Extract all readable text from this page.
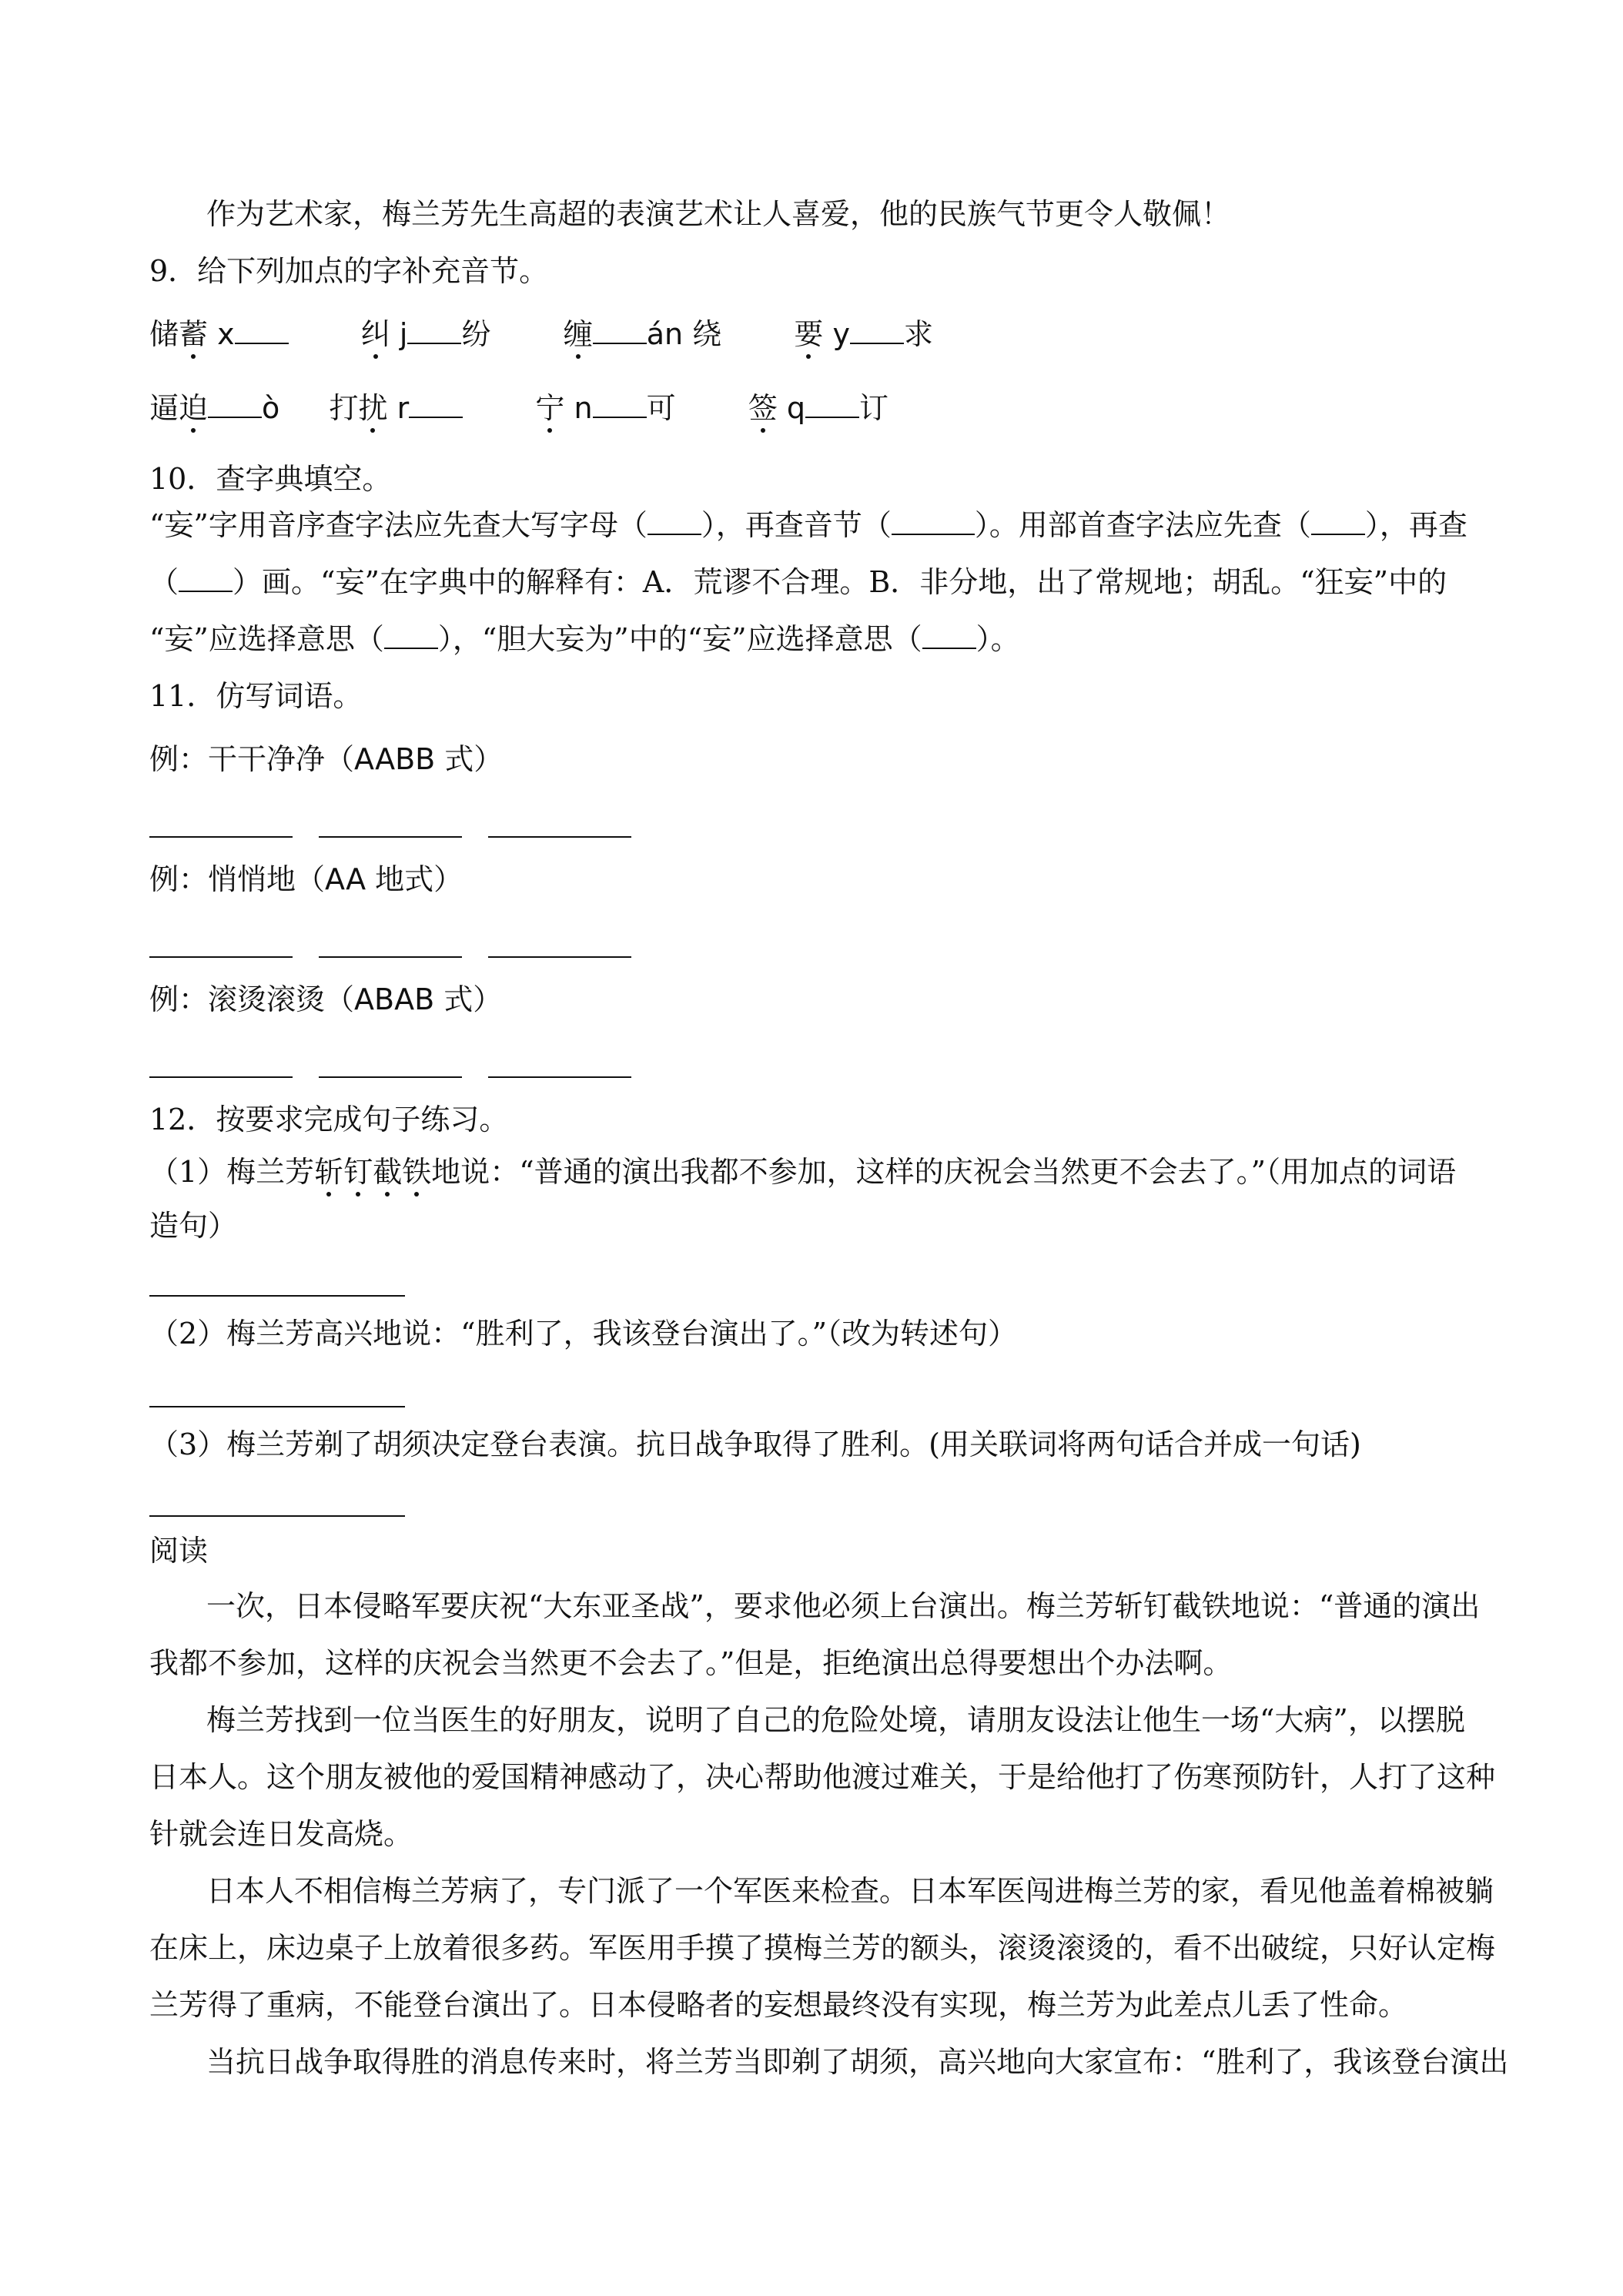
作为艺术家，梅兰芳先生高超的表演艺术让人喜爱，他的民族气节更令人敬佩！
9．给下列加点的字补充音节。
储蓄 x	纠 j 纷 缠 án 绕 要 y 求
逼迫 ò 打扰 r	宁 n 可 签 q 订
10．查字典填空。
“妄”字用音序查字法应先查大写字母（ ），再查音节（	）。用部首查字法应先查（ ），再查
（ ）画。“妄”在字典中的解释有：A．荒谬不合理。B．非分地，出了常规地；胡乱。“狂妄”中的
“妄”应选择意思（ ），“胆大妄为”中的“妄”应选择意思（ ）。
11．仿写词语。
例：干干净净（AABB 式）
例：悄悄地（AA 地式）
例：滚烫滚烫（ABAB 式）
12．按要求完成句子练习。
（1）梅兰芳斩钉截铁地说：“普通的演出我都不参加，这样的庆祝会当然更不会去了。”（用加点的词语
造句）
（2）梅兰芳高兴地说：“胜利了，我该登台演出了。”（改为转述句）
（3）梅兰芳剃了胡须决定登台表演。抗日战争取得了胜利。(用关联词将两句话合并成一句话)
阅读
一次，日本侵略军要庆祝“大东亚圣战”，要求他必须上台演出。梅兰芳斩钉截铁地说：“普通的演出
我都不参加，这样的庆祝会当然更不会去了。”但是，拒绝演出总得要想出个办法啊。
梅兰芳找到一位当医生的好朋友，说明了自己的危险处境，请朋友设法让他生一场“大病”，以摆脱
日本人。这个朋友被他的爱国精神感动了，决心帮助他渡过难关，于是给他打了伤寒预防针，人打了这种
针就会连日发高烧。
日本人不相信梅兰芳病了，专门派了一个军医来检查。日本军医闯进梅兰芳的家，看见他盖着棉被躺
在床上，床边桌子上放着很多药。军医用手摸了摸梅兰芳的额头，滚烫滚烫的，看不出破绽，只好认定梅
兰芳得了重病，不能登台演出了。日本侵略者的妄想最终没有实现，梅兰芳为此差点儿丢了性命。
当抗日战争取得胜的消息传来时，将兰芳当即剃了胡须，高兴地向大家宣布：“胜利了，我该登台演出
